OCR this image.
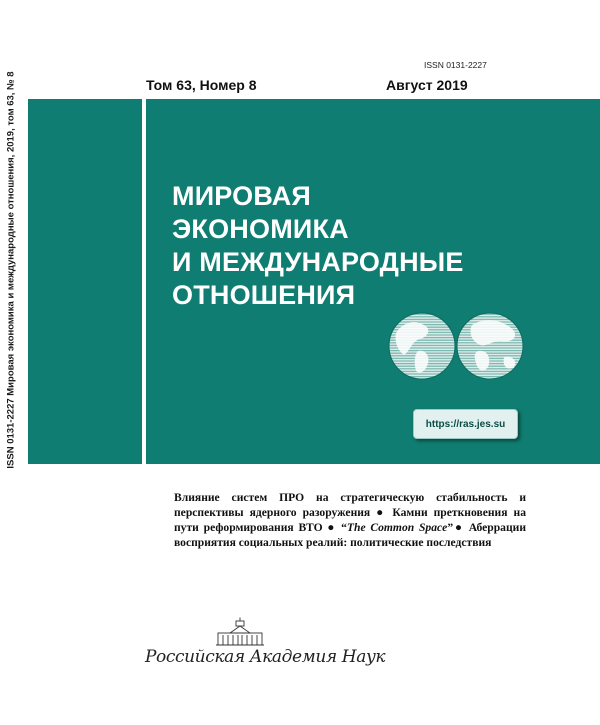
ISSN 0131-2227 Мировая экономика и международные отношения, 2019, том 63, № 8
ISSN 0131-2227
Том 63, Номер 8	Август 2019
МИРОВАЯ
ЭКОНОМИКА
И МЕЖДУНАРОДНЫЕ
ОТНОШЕНИЯ
https://ras.jes.su
Влияние систем ПРО на стратегическую стабильность и перспективы ядерного разоружения ● Камни преткновения на пути реформирования ВТО ● “The Common Space”● Аберрации восприятия социальных реалий: политические последствия
Российская Академия Наук
